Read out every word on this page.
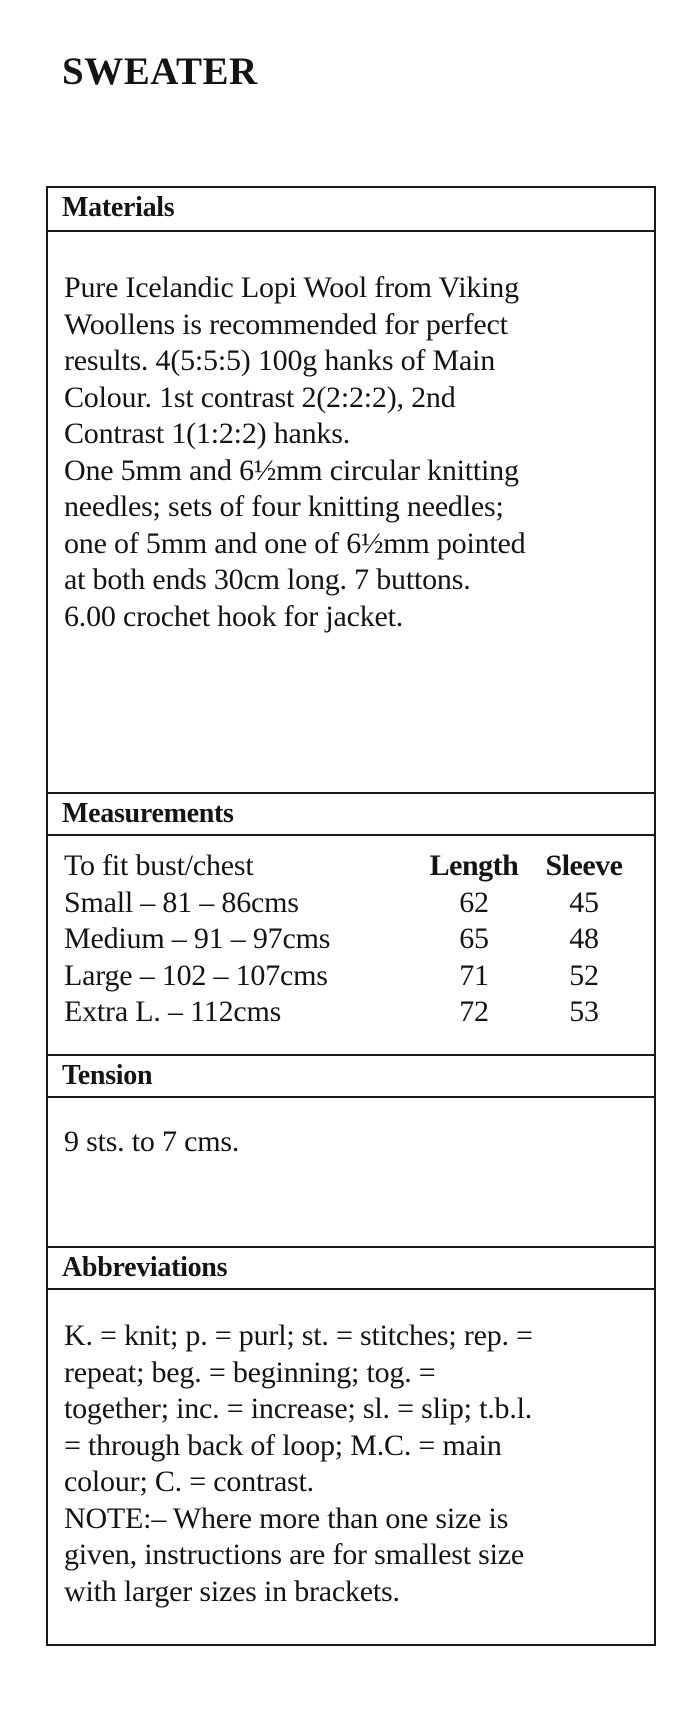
SWEATER
Materials
Pure Icelandic Lopi Wool from Viking
Woollens is recommended for perfect
results. 4(5:5:5) 100g hanks of Main
Colour. 1st contrast 2(2:2:2), 2nd
Contrast 1(1:2:2) hanks.
One 5mm and 6½mm circular knitting
needles; sets of four knitting needles;
one of 5mm and one of 6½mm pointed
at both ends 30cm long. 7 buttons.
6.00 crochet hook for jacket.
Measurements
To fit bust/chest	Length Sleeve
Small – 81 – 86cms	62	45
Medium – 91 – 97cms	65	48
Large – 102 – 107cms	71	52
Extra L. – 112cms	72	53
Tension
9 sts. to 7 cms.
Abbreviations
K. = knit; p. = purl; st. = stitches; rep. =
repeat; beg. = beginning; tog. =
together; inc. = increase; sl. = slip; t.b.l.
= through back of loop; M.C. = main
colour; C. = contrast.
NOTE:– Where more than one size is
given, instructions are for smallest size
with larger sizes in brackets.
